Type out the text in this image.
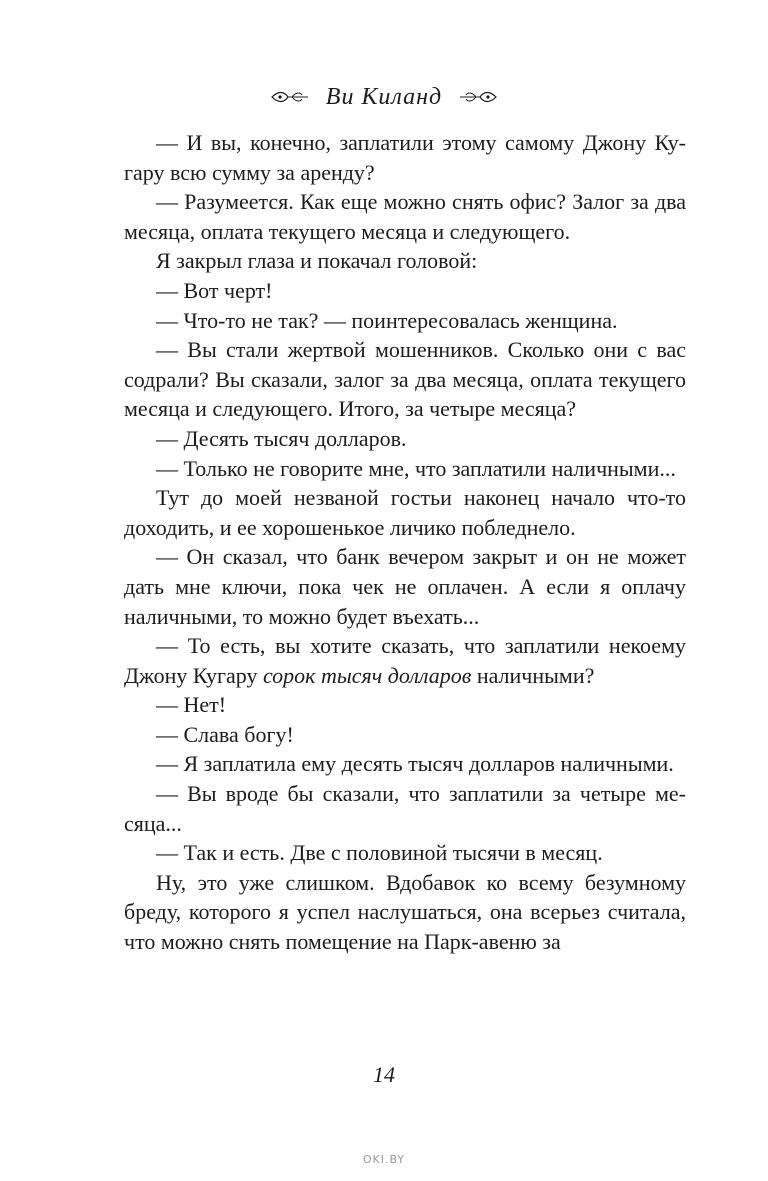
Ви Киланд

— И вы, конечно, заплатили этому самому Джону Кугару всю сумму за аренду?

— Разумеется. Как еще можно снять офис? Залог за два месяца, оплата текущего месяца и следующего.

Я закрыл глаза и покачал головой:

— Вот черт!

— Что-то не так? — поинтересовалась женщина.

— Вы стали жертвой мошенников. Сколько они с вас содрали? Вы сказали, залог за два месяца, оплата текущего месяца и следующего. Итого, за четыре месяца?

— Десять тысяч долларов.

— Только не говорите мне, что заплатили наличными...

Тут до моей незваной гостьи наконец начало что-то доходить, и ее хорошенькое личико побледнело.

— Он сказал, что банк вечером закрыт и он не может дать мне ключи, пока чек не оплачен. А если я оплачу наличными, то можно будет въехать...

— То есть, вы хотите сказать, что заплатили некоему Джону Кугару сорок тысяч долларов наличными?

— Нет!

— Слава богу!

— Я заплатила ему десять тысяч долларов наличными.

— Вы вроде бы сказали, что заплатили за четыре месяца...

— Так и есть. Две с половиной тысячи в месяц.

Ну, это уже слишком. Вдобавок ко всему безумному бреду, которого я успел наслушаться, она всерьез считала, что можно снять помещение на Парк-авеню за

14
OKI.BY
